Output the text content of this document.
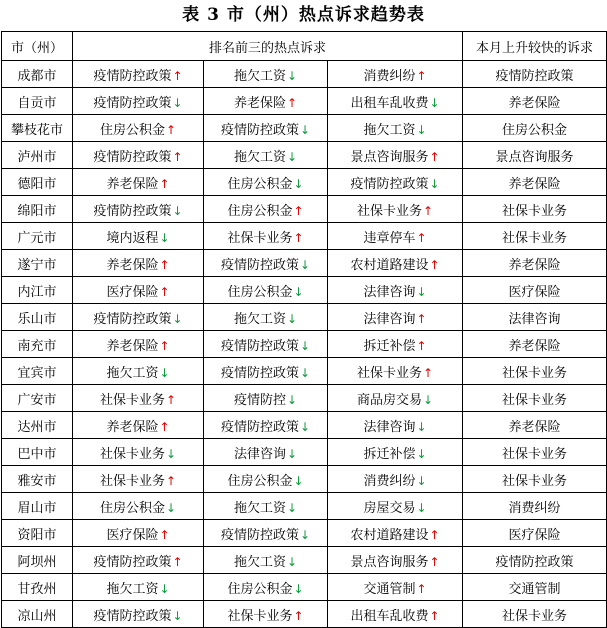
表 3 市（州）热点诉求趋势表
市（州）	排名前三的热点诉求			本月上升较快的诉求
成都市	疫情防控政策↑	拖欠工资↓	消费纠纷↑	疫情防控政策
自贡市	疫情防控政策↓	养老保险↑	出租车乱收费↓	养老保险
攀枝花市	住房公积金↑	疫情防控政策↓	拖欠工资↓	住房公积金
泸州市	疫情防控政策↑	拖欠工资↓	景点咨询服务↑	景点咨询服务
德阳市	养老保险↑	住房公积金↓	疫情防控政策↓	养老保险
绵阳市	疫情防控政策↓	住房公积金↑	社保卡业务↑	社保卡业务
广元市	境内返程↓	社保卡业务↑	违章停车↑	社保卡业务
遂宁市	养老保险↑	疫情防控政策↓	农村道路建设↑	养老保险
内江市	医疗保险↑	住房公积金↓	法律咨询↓	医疗保险
乐山市	疫情防控政策↓	拖欠工资↓	法律咨询↑	法律咨询
南充市	养老保险↑	疫情防控政策↓	拆迁补偿↑	养老保险
宜宾市	拖欠工资↓	疫情防控政策↓	社保卡业务↑	社保卡业务
广安市	社保卡业务↑	疫情防控↓	商品房交易↓	社保卡业务
达州市	养老保险↑	疫情防控政策↓	法律咨询↓	养老保险
巴中市	社保卡业务↓	法律咨询↓	拆迁补偿↓	社保卡业务
雅安市	社保卡业务↑	住房公积金↓	消费纠纷↓	社保卡业务
眉山市	住房公积金↓	拖欠工资↓	房屋交易↓	消费纠纷
资阳市	医疗保险↑	疫情防控政策↓	农村道路建设↑	医疗保险
阿坝州	疫情防控政策↑	拖欠工资↓	景点咨询服务↑	疫情防控政策
甘孜州	拖欠工资↓	住房公积金↓	交通管制↑	交通管制
凉山州	疫情防控政策↓	社保卡业务↑	出租车乱收费↑	社保卡业务
